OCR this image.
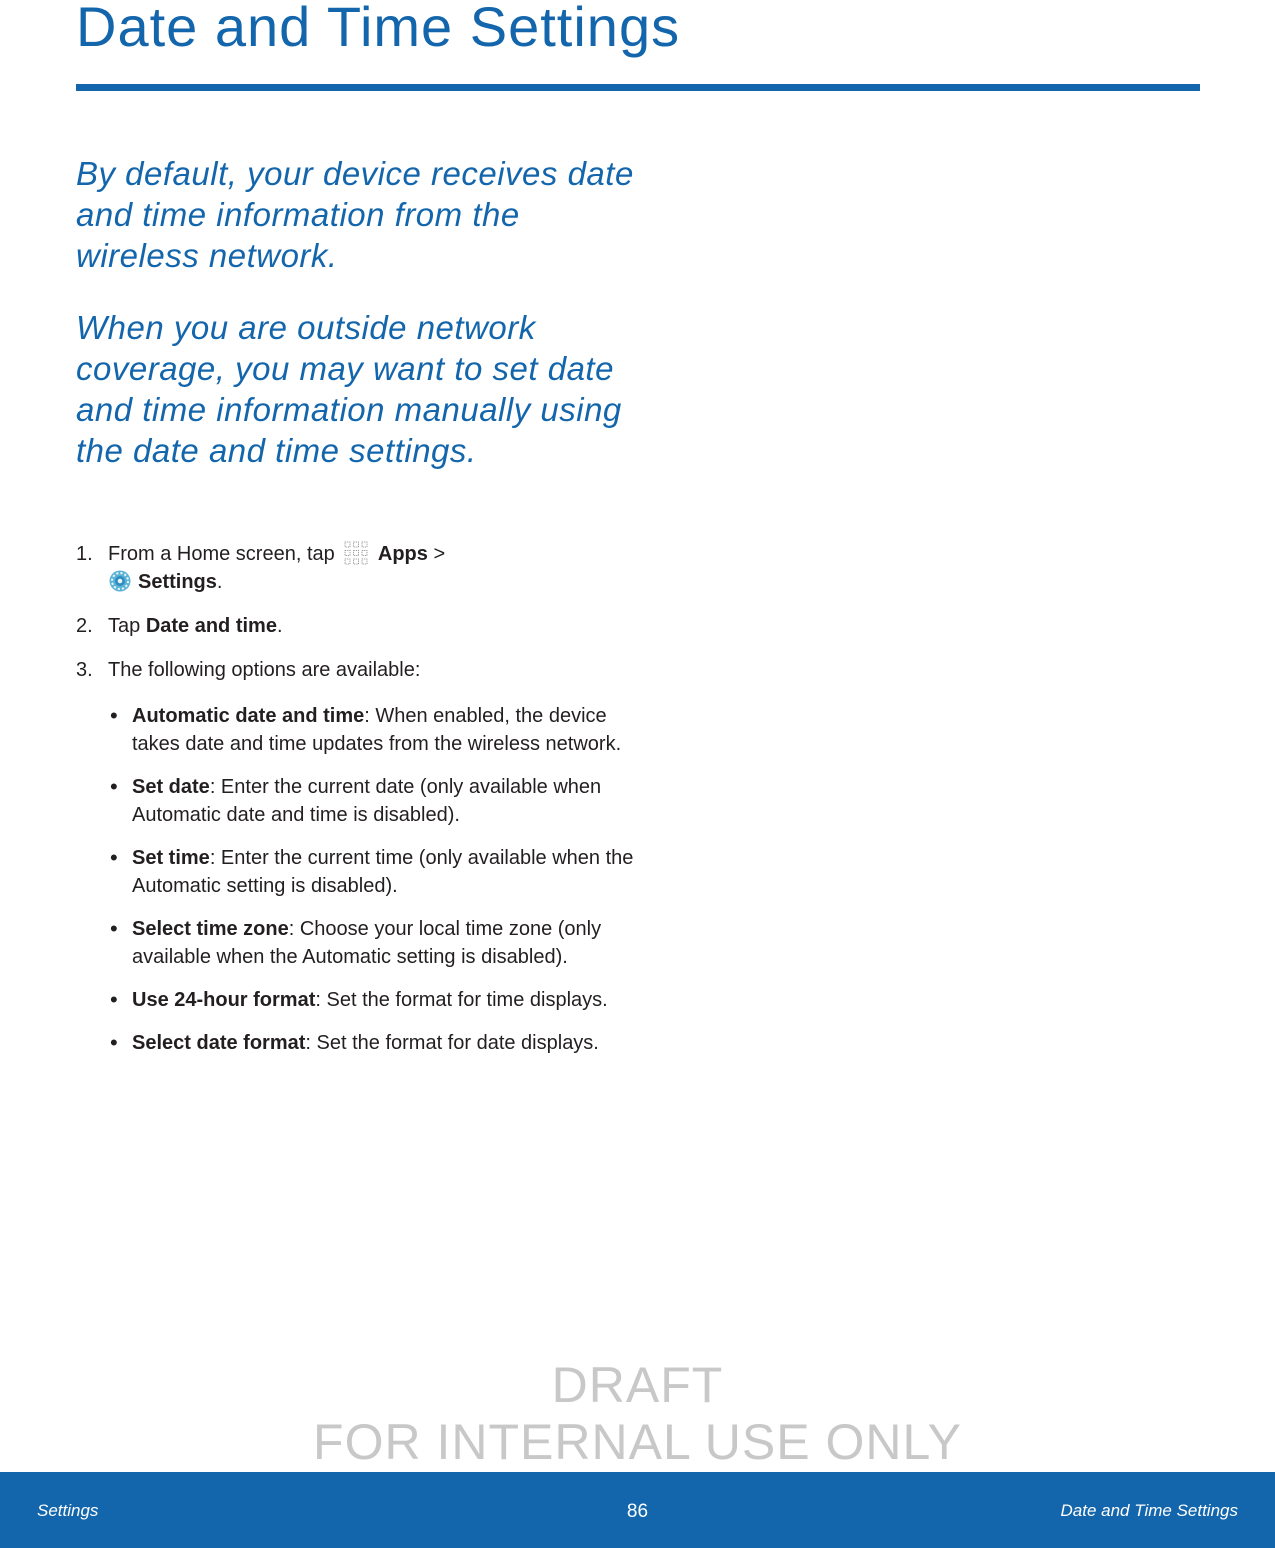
Date and Time Settings

By default, your device receives date and time information from the wireless network.

When you are outside network coverage, you may want to set date and time information manually using the date and time settings.

1. From a Home screen, tap Apps >
Settings.
2. Tap Date and time.
3. The following options are available:
• Automatic date and time: When enabled, the device takes date and time updates from the wireless network.
• Set date: Enter the current date (only available when Automatic date and time is disabled).
• Set time: Enter the current time (only available when the Automatic setting is disabled).
• Select time zone: Choose your local time zone (only available when the Automatic setting is disabled).
• Use 24-hour format: Set the format for time displays.
• Select date format: Set the format for date displays.
DRAFT
FOR INTERNAL USE ONLY
Settings	86	Date and Time Settings
